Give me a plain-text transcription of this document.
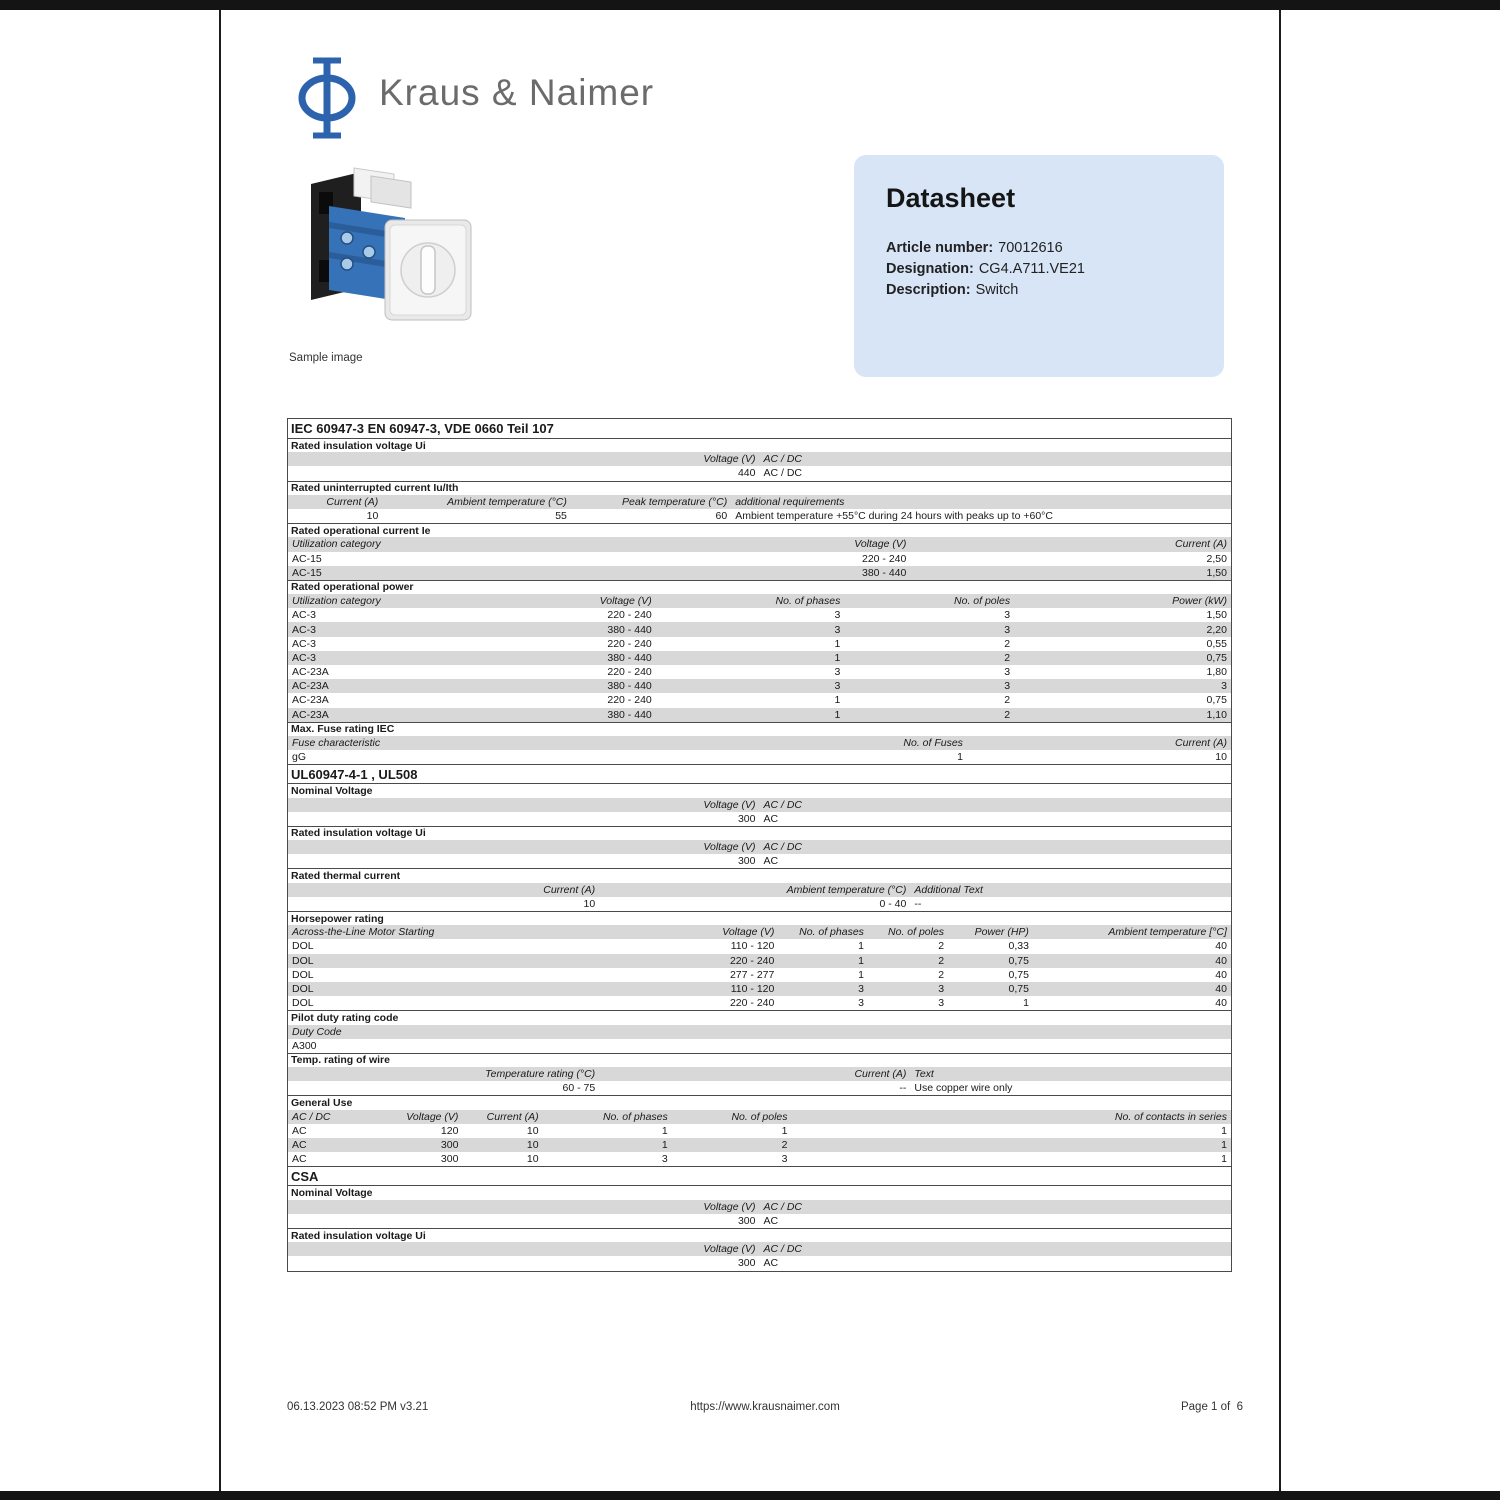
Kraus & Naimer
Sample image
Datasheet
Article number: 70012616
Designation: CG4.A711.VE21
Description: Switch
IEC 60947-3 EN 60947-3, VDE 0660 Teil 107
Rated insulation voltage Ui
Voltage (V) AC / DC
440 AC / DC
Rated uninterrupted current Iu/Ith
Current (A)	Ambient temperature (°C)	Peak temperature (°C) additional requirements
10	55	60 Ambient temperature +55°C during 24 hours with peaks up to +60°C
Rated operational current Ie
Utilization category	Voltage (V)	Current (A)
AC-15	220 - 240	2,50
AC-15	380 - 440	1,50
Rated operational power
Utilization category	Voltage (V)	No. of phases	No. of poles	Power (kW)
AC-3	220 - 240	3	3	1,50
AC-3	380 - 440	3	3	2,20
AC-3	220 - 240	1	2	0,55
AC-3	380 - 440	1	2	0,75
AC-23A	220 - 240	3	3	1,80
AC-23A	380 - 440	3	3	3
AC-23A	220 - 240	1	2	0,75
AC-23A	380 - 440	1	2	1,10
Max. Fuse rating IEC
Fuse characteristic	No. of Fuses	Current (A)
gG	1	10
UL60947-4-1 , UL508
Nominal Voltage
Voltage (V) AC / DC
300 AC
Rated insulation voltage Ui
Voltage (V) AC / DC
300 AC
Rated thermal current
Current (A)	Ambient temperature (°C) Additional Text
10	0 - 40 --
Horsepower rating
Across-the-Line Motor Starting	Voltage (V)	No. of phases	No. of poles	Power (HP)	Ambient temperature [°C]
DOL	110 - 120	1	2	0,33	40
DOL	220 - 240	1	2	0,75	40
DOL	277 - 277	1	2	0,75	40
DOL	110 - 120	3	3	0,75	40
DOL	220 - 240	3	3	1	40
Pilot duty rating code
Duty Code
A300
Temp. rating of wire
Temperature rating (°C)	Current (A) Text
60 - 75	-- Use copper wire only
General Use
AC / DC	Voltage (V)	Current (A)	No. of phases	No. of poles	No. of contacts in series
AC	120	10	1	1	1
AC	300	10	1	2	1
AC	300	10	3	3	1
CSA
Nominal Voltage
Voltage (V) AC / DC
300 AC
Rated insulation voltage Ui
Voltage (V) AC / DC
300 AC
06.13.2023 08:52 PM v3.21	https://www.krausnaimer.com	Page 1 of  6
